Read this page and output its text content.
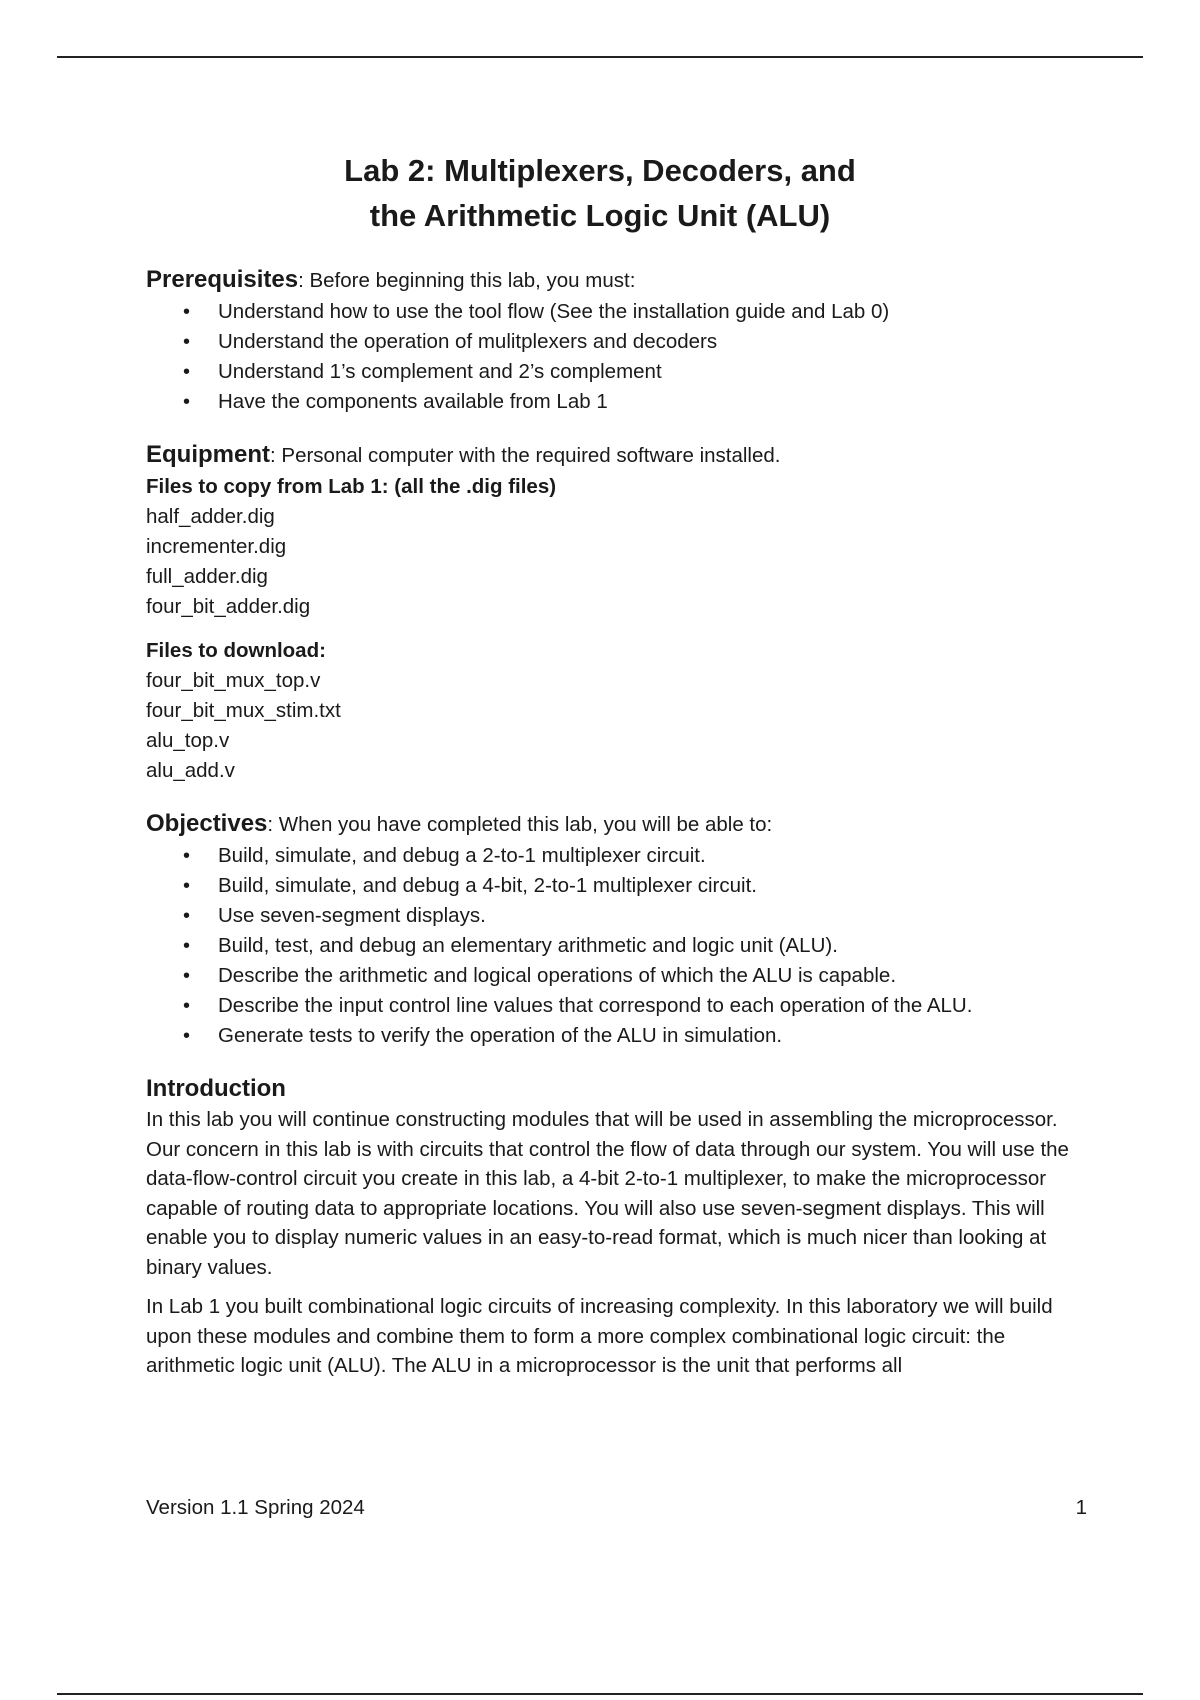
Lab 2: Multiplexers, Decoders, and
the Arithmetic Logic Unit (ALU)

Prerequisites: Before beginning this lab, you must:

• Understand how to use the tool flow (See the installation guide and Lab 0)
• Understand the operation of mulitplexers and decoders
• Understand 1’s complement and 2’s complement
• Have the components available from Lab 1

Equipment: Personal computer with the required software installed.

Files to copy from Lab 1: (all the .dig files)

half_adder.dig

incrementer.dig

full_adder.dig

four_bit_adder.dig

Files to download:

four_bit_mux_top.v

four_bit_mux_stim.txt

alu_top.v

alu_add.v

Objectives: When you have completed this lab, you will be able to:

• Build, simulate, and debug a 2-to-1 multiplexer circuit.
• Build, simulate, and debug a 4-bit, 2-to-1 multiplexer circuit.
• Use seven-segment displays.
• Build, test, and debug an elementary arithmetic and logic unit (ALU).
• Describe the arithmetic and logical operations of which the ALU is capable.
• Describe the input control line values that correspond to each operation of the ALU.
• Generate tests to verify the operation of the ALU in simulation.

Introduction

In this lab you will continue constructing modules that will be used in assembling the microprocessor. Our concern in this lab is with circuits that control the flow of data through our system. You will use the data-flow-control circuit you create in this lab, a 4-bit 2-to-1 multiplexer, to make the microprocessor capable of routing data to appropriate locations. You will also use seven-segment displays. This will enable you to display numeric values in an easy-to-read format, which is much nicer than looking at binary values.

In Lab 1 you built combinational logic circuits of increasing complexity. In this laboratory we will build upon these modules and combine them to form a more complex combinational logic circuit: the arithmetic logic unit (ALU). The ALU in a microprocessor is the unit that performs all

Version 1.1 Spring 2024	1
